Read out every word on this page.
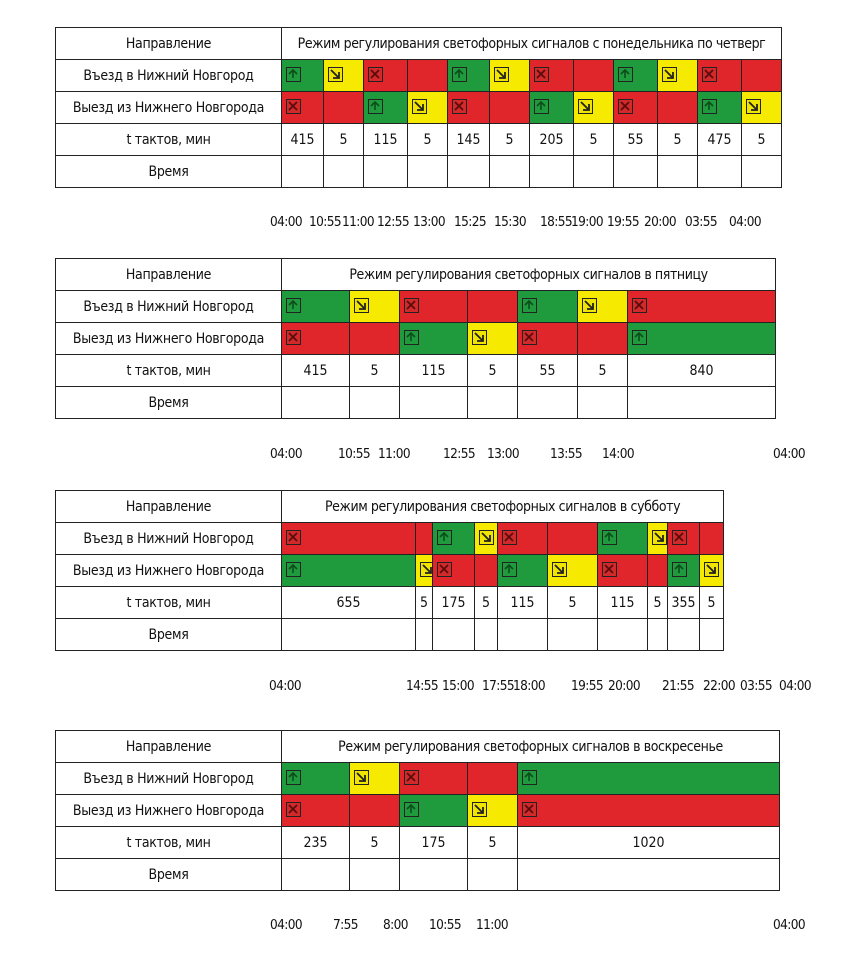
Направление	Режим регулирования светофорных сигналов с понедельника по четверг											
Въезд в Нижний Новгород	

Выезд из Нижнего Новгорода	

t тактов, мин	415	5	115	5	145	5	205	5	55	5	475	5
Время												
04:00 10:55 11:00 12:55 13:00 15:25 15:30 18:55 19:00 19:55 20:00 03:55 04:00
Направление	Режим регулирования светофорных сигналов в пятницу						
Въезд в Нижний Новгород	

Выезд из Нижнего Новгорода	

t тактов, мин	415	5	115	5	55	5	840
Время							
04:00	10:55 11:00 12:55 13:00 13:55 14:00	04:00
Направление	Режим регулирования светофорных сигналов в субботу									
Въезд в Нижний Новгород	

Выезд из Нижнего Новгорода	

t тактов, мин	655	5	175	5	115	5	115	5	355	5
Время										
04:00	14:55 15:00 17:55 18:00 19:55 20:00 21:55 22:00 03:55 04:00
Направление	Режим регулирования светофорных сигналов в воскресенье				
Въезд в Нижний Новгород	

Выезд из Нижнего Новгорода	

t тактов, мин	235	5	175	5	1020
Время					
04:00 7:55 8:00 10:55 11:00	04:00
